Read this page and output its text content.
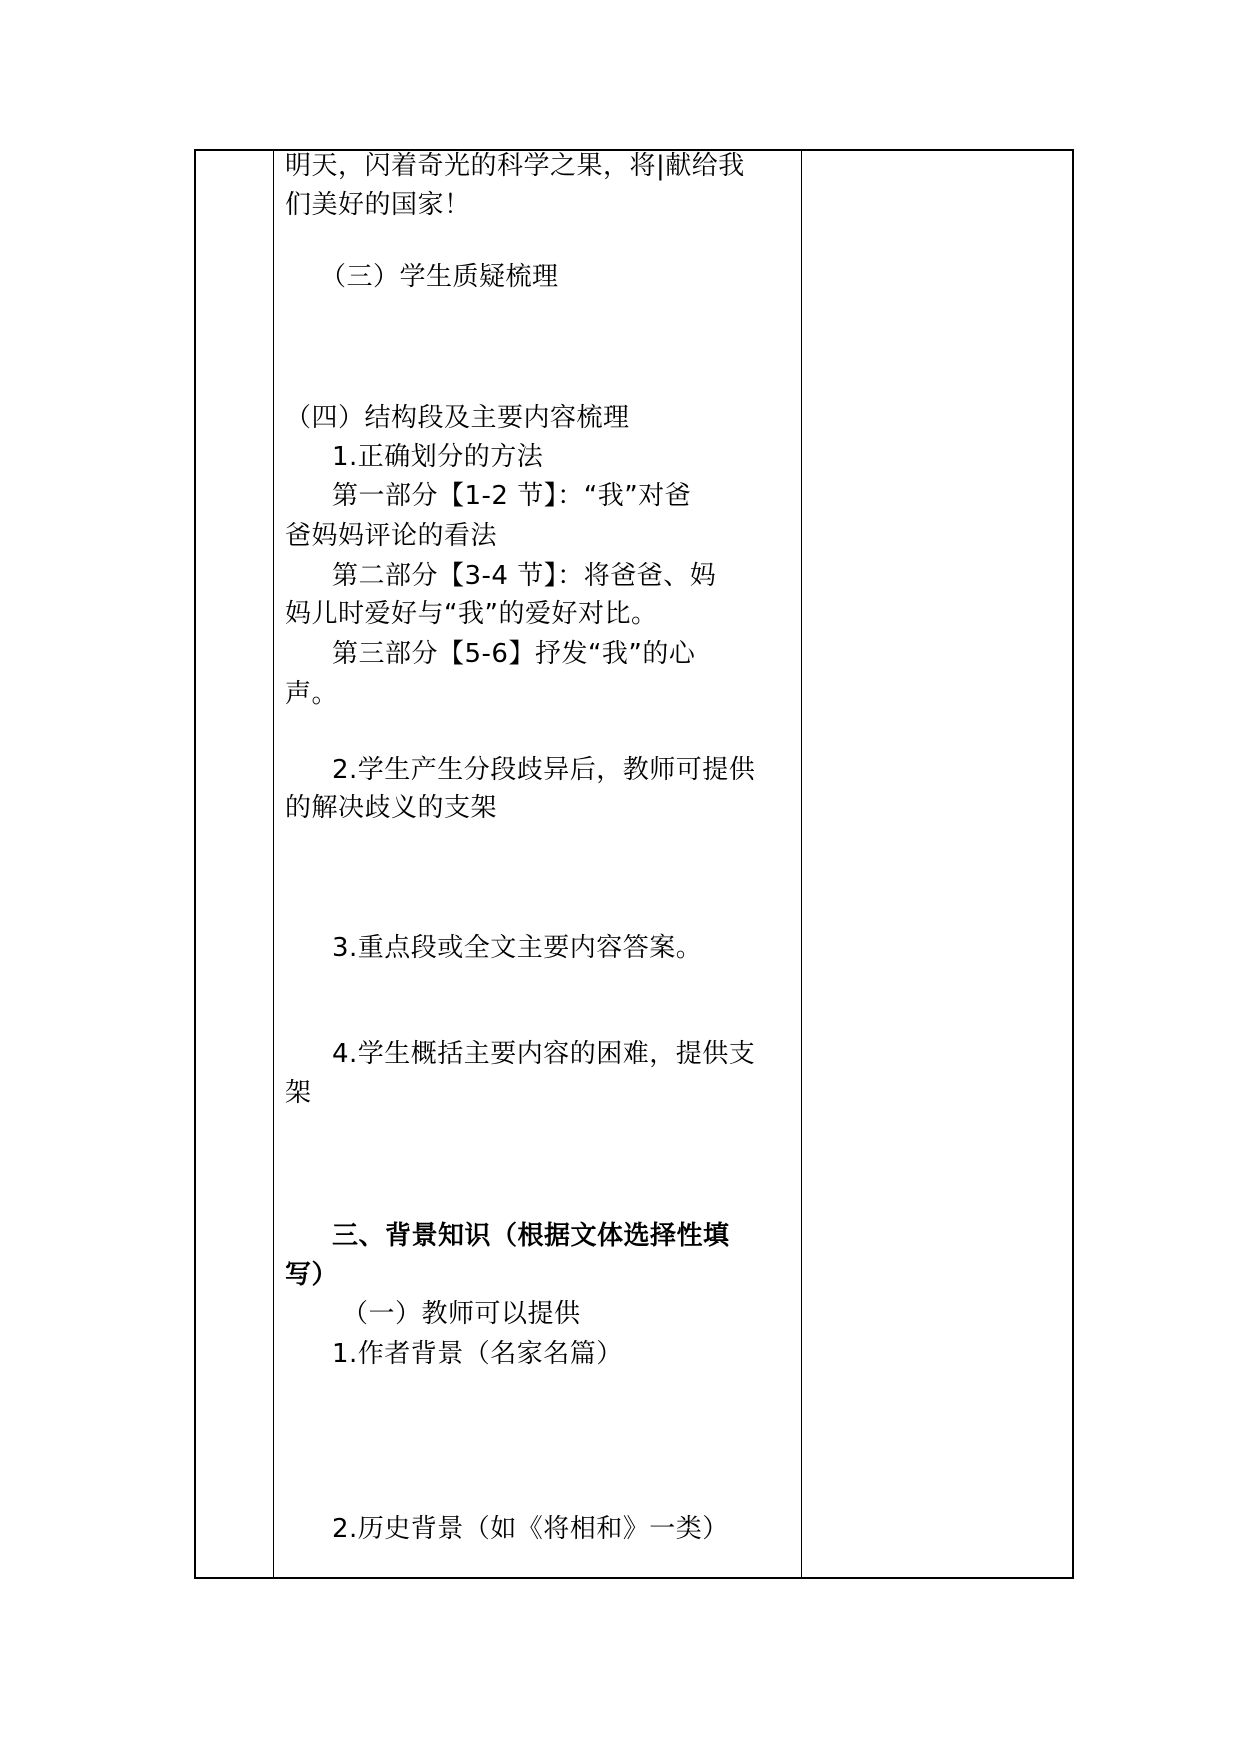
明天，闪着奇光的科学之果，将|献给我
们美好的国家！
（三）学生质疑梳理
（四）结构段及主要内容梳理
1.正确划分的方法
第一部分【1-2 节】：“我”对爸
爸妈妈评论的看法
第二部分【3-4 节】：将爸爸、妈
妈儿时爱好与“我”的爱好对比。
第三部分【5-6】抒发“我”的心
声。
2.学生产生分段歧异后，教师可提供
的解决歧义的支架
3.重点段或全文主要内容答案。
4.学生概括主要内容的困难，提供支
架
三、背景知识（根据文体选择性填
写）
（一）教师可以提供
1.作者背景（名家名篇）
2.历史背景（如《将相和》一类）
